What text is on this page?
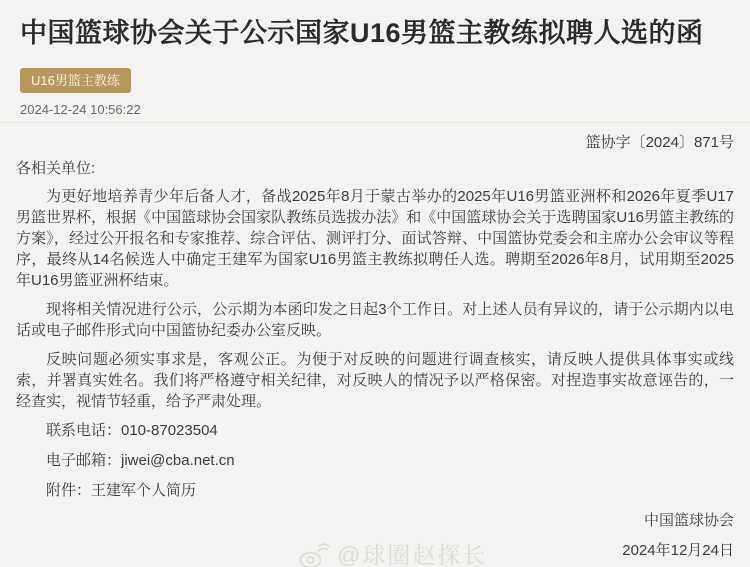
中国篮球协会关于公示国家U16男篮主教练拟聘人选的函
U16男篮主教练
2024-12-24 10:56:22
篮协字〔2024〕871号
各相关单位:

为更好地培养青少年后备人才，备战2025年8月于蒙古举办的2025年U16男篮亚洲杯和2026年夏季U17男篮世界杯，根据《中国篮球协会国家队教练员选拔办法》和《中国篮球协会关于选聘国家U16男篮主教练的方案》，经过公开报名和专家推荐、综合评估、测评打分、面试答辩、中国篮协党委会和主席办公会审议等程序，最终从14名候选人中确定王建军为国家U16男篮主教练拟聘任人选。聘期至2026年8月，试用期至2025年U16男篮亚洲杯结束。

现将相关情况进行公示，公示期为本函印发之日起3个工作日。对上述人员有异议的，请于公示期内以电话或电子邮件形式向中国篮协纪委办公室反映。

反映问题必须实事求是，客观公正。为便于对反映的问题进行调查核实，请反映人提供具体事实或线索，并署真实姓名。我们将严格遵守相关纪律，对反映人的情况予以严格保密。对捏造事实故意诬告的，一经查实，视情节轻重，给予严肃处理。

联系电话：010-87023504

电子邮箱：jiwei@cba.net.cn

附件：王建军个人简历

中国篮球协会
2024年12月24日
@球圈赵探长
